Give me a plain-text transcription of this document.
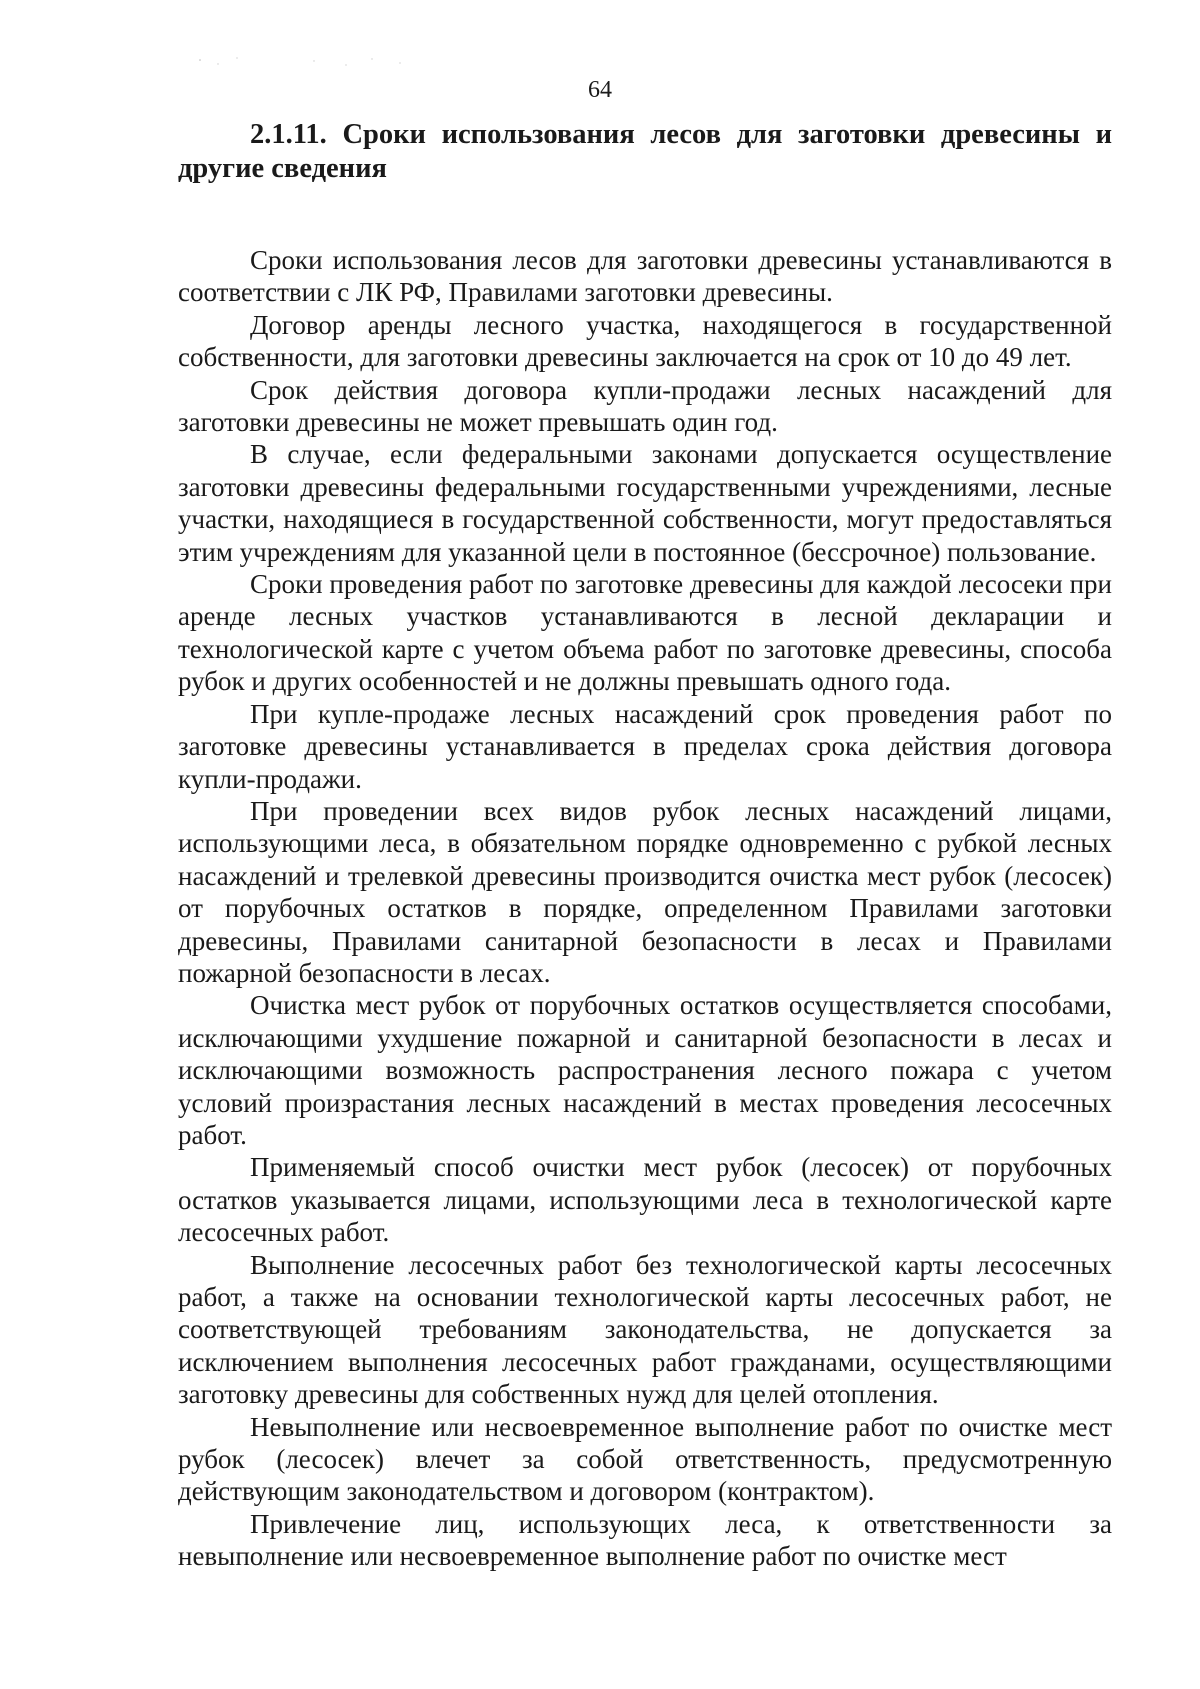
64
2.1.11. Сроки использования лесов для заготовки древесины и другие сведения

Сроки использования лесов для заготовки древесины устанавливаются в соответствии с ЛК РФ, Правилами заготовки древесины.

Договор аренды лесного участка, находящегося в государственной собственности, для заготовки древесины заключается на срок от 10 до 49 лет.

Срок действия договора купли-продажи лесных насаждений для заготовки древесины не может превышать один год.

В случае, если федеральными законами допускается осуществление заготовки древесины федеральными государственными учреждениями, лесные участки, находящиеся в государственной собственности, могут предоставляться этим учреждениям для указанной цели в постоянное (бессрочное) пользование.

Сроки проведения работ по заготовке древесины для каждой лесосеки при аренде лесных участков устанавливаются в лесной декларации и технологической карте с учетом объема работ по заготовке древесины, способа рубок и других особенностей и не должны превышать одного года.

При купле-продаже лесных насаждений срок проведения работ по заготовке древесины устанавливается в пределах срока действия договора купли-продажи.

При проведении всех видов рубок лесных насаждений лицами, использующими леса, в обязательном порядке одновременно с рубкой лесных насаждений и трелевкой древесины производится очистка мест рубок (лесосек) от порубочных остатков в порядке, определенном Правилами заготовки древесины, Правилами санитарной безопасности в лесах и Правилами пожарной безопасности в лесах.

Очистка мест рубок от порубочных остатков осуществляется способами, исключающими ухудшение пожарной и санитарной безопасности в лесах и исключающими возможность распространения лесного пожара с учетом условий произрастания лесных насаждений в местах проведения лесосечных работ.

Применяемый способ очистки мест рубок (лесосек) от порубочных остатков указывается лицами, использующими леса в технологической карте лесосечных работ.

Выполнение лесосечных работ без технологической карты лесосечных работ, а также на основании технологической карты лесосечных работ, не соответствующей требованиям законодательства, не допускается за исключением выполнения лесосечных работ гражданами, осуществляющими заготовку древесины для собственных нужд для целей отопления.

Невыполнение или несвоевременное выполнение работ по очистке мест рубок (лесосек) влечет за собой ответственность, предусмотренную действующим законодательством и договором (контрактом).

Привлечение лиц, использующих леса, к ответственности за невыполнение или несвоевременное выполнение работ по очистке мест
